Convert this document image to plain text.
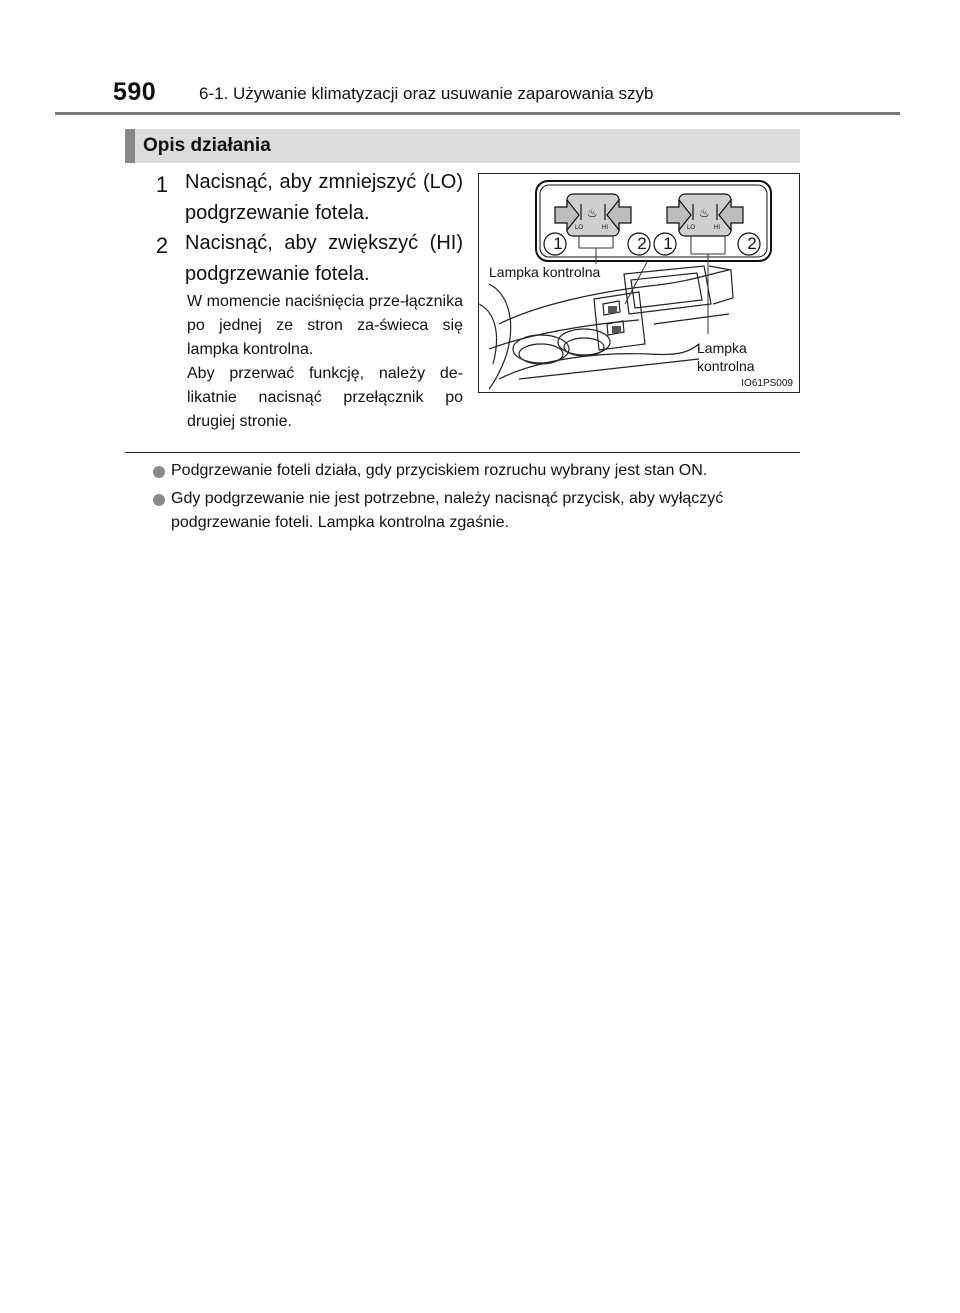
590	6-1. Używanie klimatyzacji oraz usuwanie zaparowania szyb
Opis działania
1 Nacisnąć, aby zmniejszyć (LO) podgrzewanie fotela.
2 Nacisnąć, aby zwiększyć (HI) podgrzewanie fotela.
W momencie naciśnięcia prze-łącznika po jednej ze stron za-świeca się lampka kontrolna.
Aby przerwać funkcję, należy de-likatnie nacisnąć przełącznik po drugiej stronie.
♨	♨
1	2 1	2
LO	HI	LO	HI
Lampka kontrolna
Lampka
kontrolna
IO61PS009
Podgrzewanie foteli działa, gdy przyciskiem rozruchu wybrany jest stan ON.
Gdy podgrzewanie nie jest potrzebne, należy nacisnąć przycisk, aby wyłączyć podgrzewanie foteli. Lampka kontrolna zgaśnie.
